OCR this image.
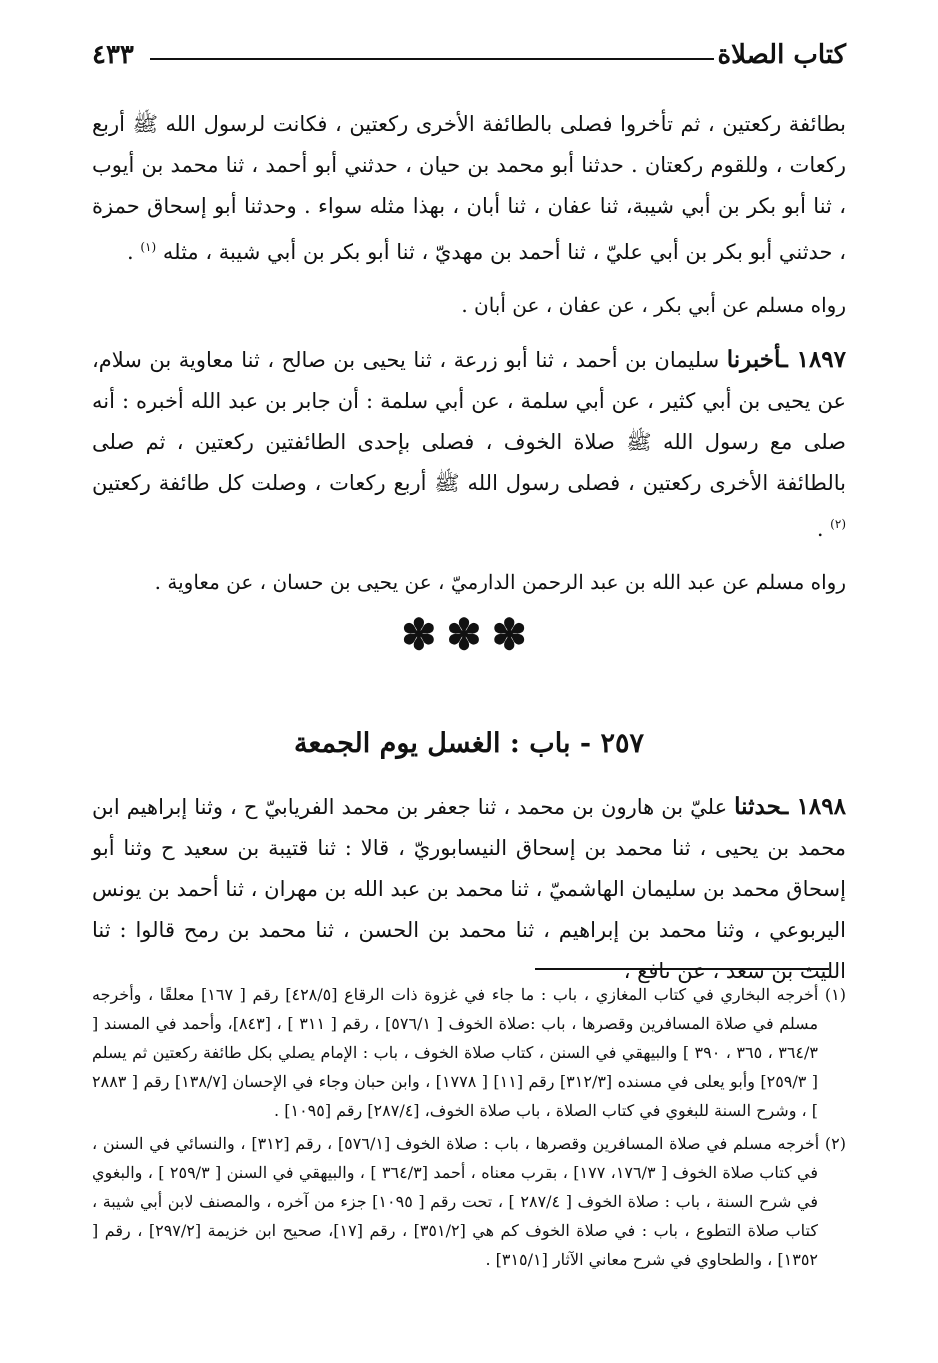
كتاب الصلاة
٤٣٣

بطائفة ركعتين ، ثم تأخروا فصلى بالطائفة الأخرى ركعتين ، فكانت لرسول الله ﷺ أربع ركعات ، وللقوم ركعتان . حدثنا أبو محمد بن حيان ، حدثني أبو أحمد ، ثنا محمد بن أيوب ، ثنا أبو بكر بن أبي شيبة، ثنا عفان ، ثنا أبان ، بهذا مثله سواء . وحدثنا أبو إسحاق حمزة ، حدثني أبو بكر بن أبي عليّ ، ثنا أحمد بن مهديّ ، ثنا أبو بكر بن أبي شيبة ، مثله $^{(١)}$ .

رواه مسلم عن أبي بكر ، عن عفان ، عن أبان .

١٨٩٧ ـأخبرنا سليمان بن أحمد ، ثنا أبو زرعة ، ثنا يحيى بن صالح ، ثنا معاوية بن سلام، عن يحيى بن أبي كثير ، عن أبي سلمة ، عن أبي سلمة : أن جابر بن عبد الله أخبره : أنه صلى مع رسول الله ﷺ صلاة الخوف ، فصلى بإحدى الطائفتين ركعتين ، ثم صلى بالطائفة الأخرى ركعتين ، فصلى رسول الله ﷺ أربع ركعات ، وصلت كل طائفة ركعتين $^{(٢)}$ .

رواه مسلم عن عبد الله بن عبد الرحمن الدارميّ ، عن يحيى بن حسان ، عن معاوية .

✽✽✽
٢٥٧ - باب : الغسل يوم الجمعة

١٨٩٨ ـحدثنا عليّ بن هارون بن محمد ، ثنا جعفر بن محمد الفريابيّ ح ، وثنا إبراهيم ابن محمد بن يحيى ، ثنا محمد بن إسحاق النيسابوريّ ، قالا : ثنا قتيبة بن سعيد ح وثنا أبو إسحاق محمد بن سليمان الهاشميّ ، ثنا محمد بن عبد الله بن مهران ، ثنا أحمد بن يونس اليربوعي ، وثنا محمد بن إبراهيم ، ثنا محمد بن الحسن ، ثنا محمد بن رمح قالوا : ثنا الليث بن سعد ، عن نافع ،

(١) أخرجه البخاري في كتاب المغازي ، باب : ما جاء في غزوة ذات الرقاع [٤٢٨/٥] رقم [ ١٦٧] معلقًا ، وأخرجه مسلم في صلاة المسافرين وقصرها ، باب :صلاة الخوف [ ٥٧٦/١] ، رقم [ ٣١١ ] ، [٨٤٣]، وأحمد في المسند [ ٣٦٤/٣ ، ٣٦٥ ، ٣٩٠ ] والبيهقي في السنن ، كتاب صلاة الخوف ، باب : الإمام يصلي بكل طائفة ركعتين ثم يسلم [ ٢٥٩/٣] وأبو يعلى في مسنده [٣١٢/٣] رقم [١١] [ ١٧٧٨] ، وابن حبان وجاء في الإحسان [١٣٨/٧] رقم [ ٢٨٨٣ ] ، وشرح السنة للبغوي في كتاب الصلاة ، باب صلاة الخوف، [٢٨٧/٤] رقم [١٠٩٥] .

(٢) أخرجه مسلم في صلاة المسافرين وقصرها ، باب : صلاة الخوف [٥٧٦/١] ، رقم [٣١٢] ، والنسائي في السنن ، في كتاب صلاة الخوف [ ١٧٦/٣، ١٧٧] ، بقرب معناه ، أحمد [٣٦٤/٣ ] ، والبيهقي في السنن [ ٢٥٩/٣ ] ، والبغوي في شرح السنة ، باب : صلاة الخوف [ ٢٨٧/٤ ] ، تحت رقم [ ١٠٩٥] جزء من آخره ، والمصنف لابن أبي شيبة ، كتاب صلاة التطوع ، باب : في صلاة الخوف كم هي [٣٥١/٢] ، رقم [١٧]، صحيح ابن خزيمة [٢٩٧/٢] ، رقم [ ١٣٥٢] ، والطحاوي في شرح معاني الآثار [٣١٥/١] .
